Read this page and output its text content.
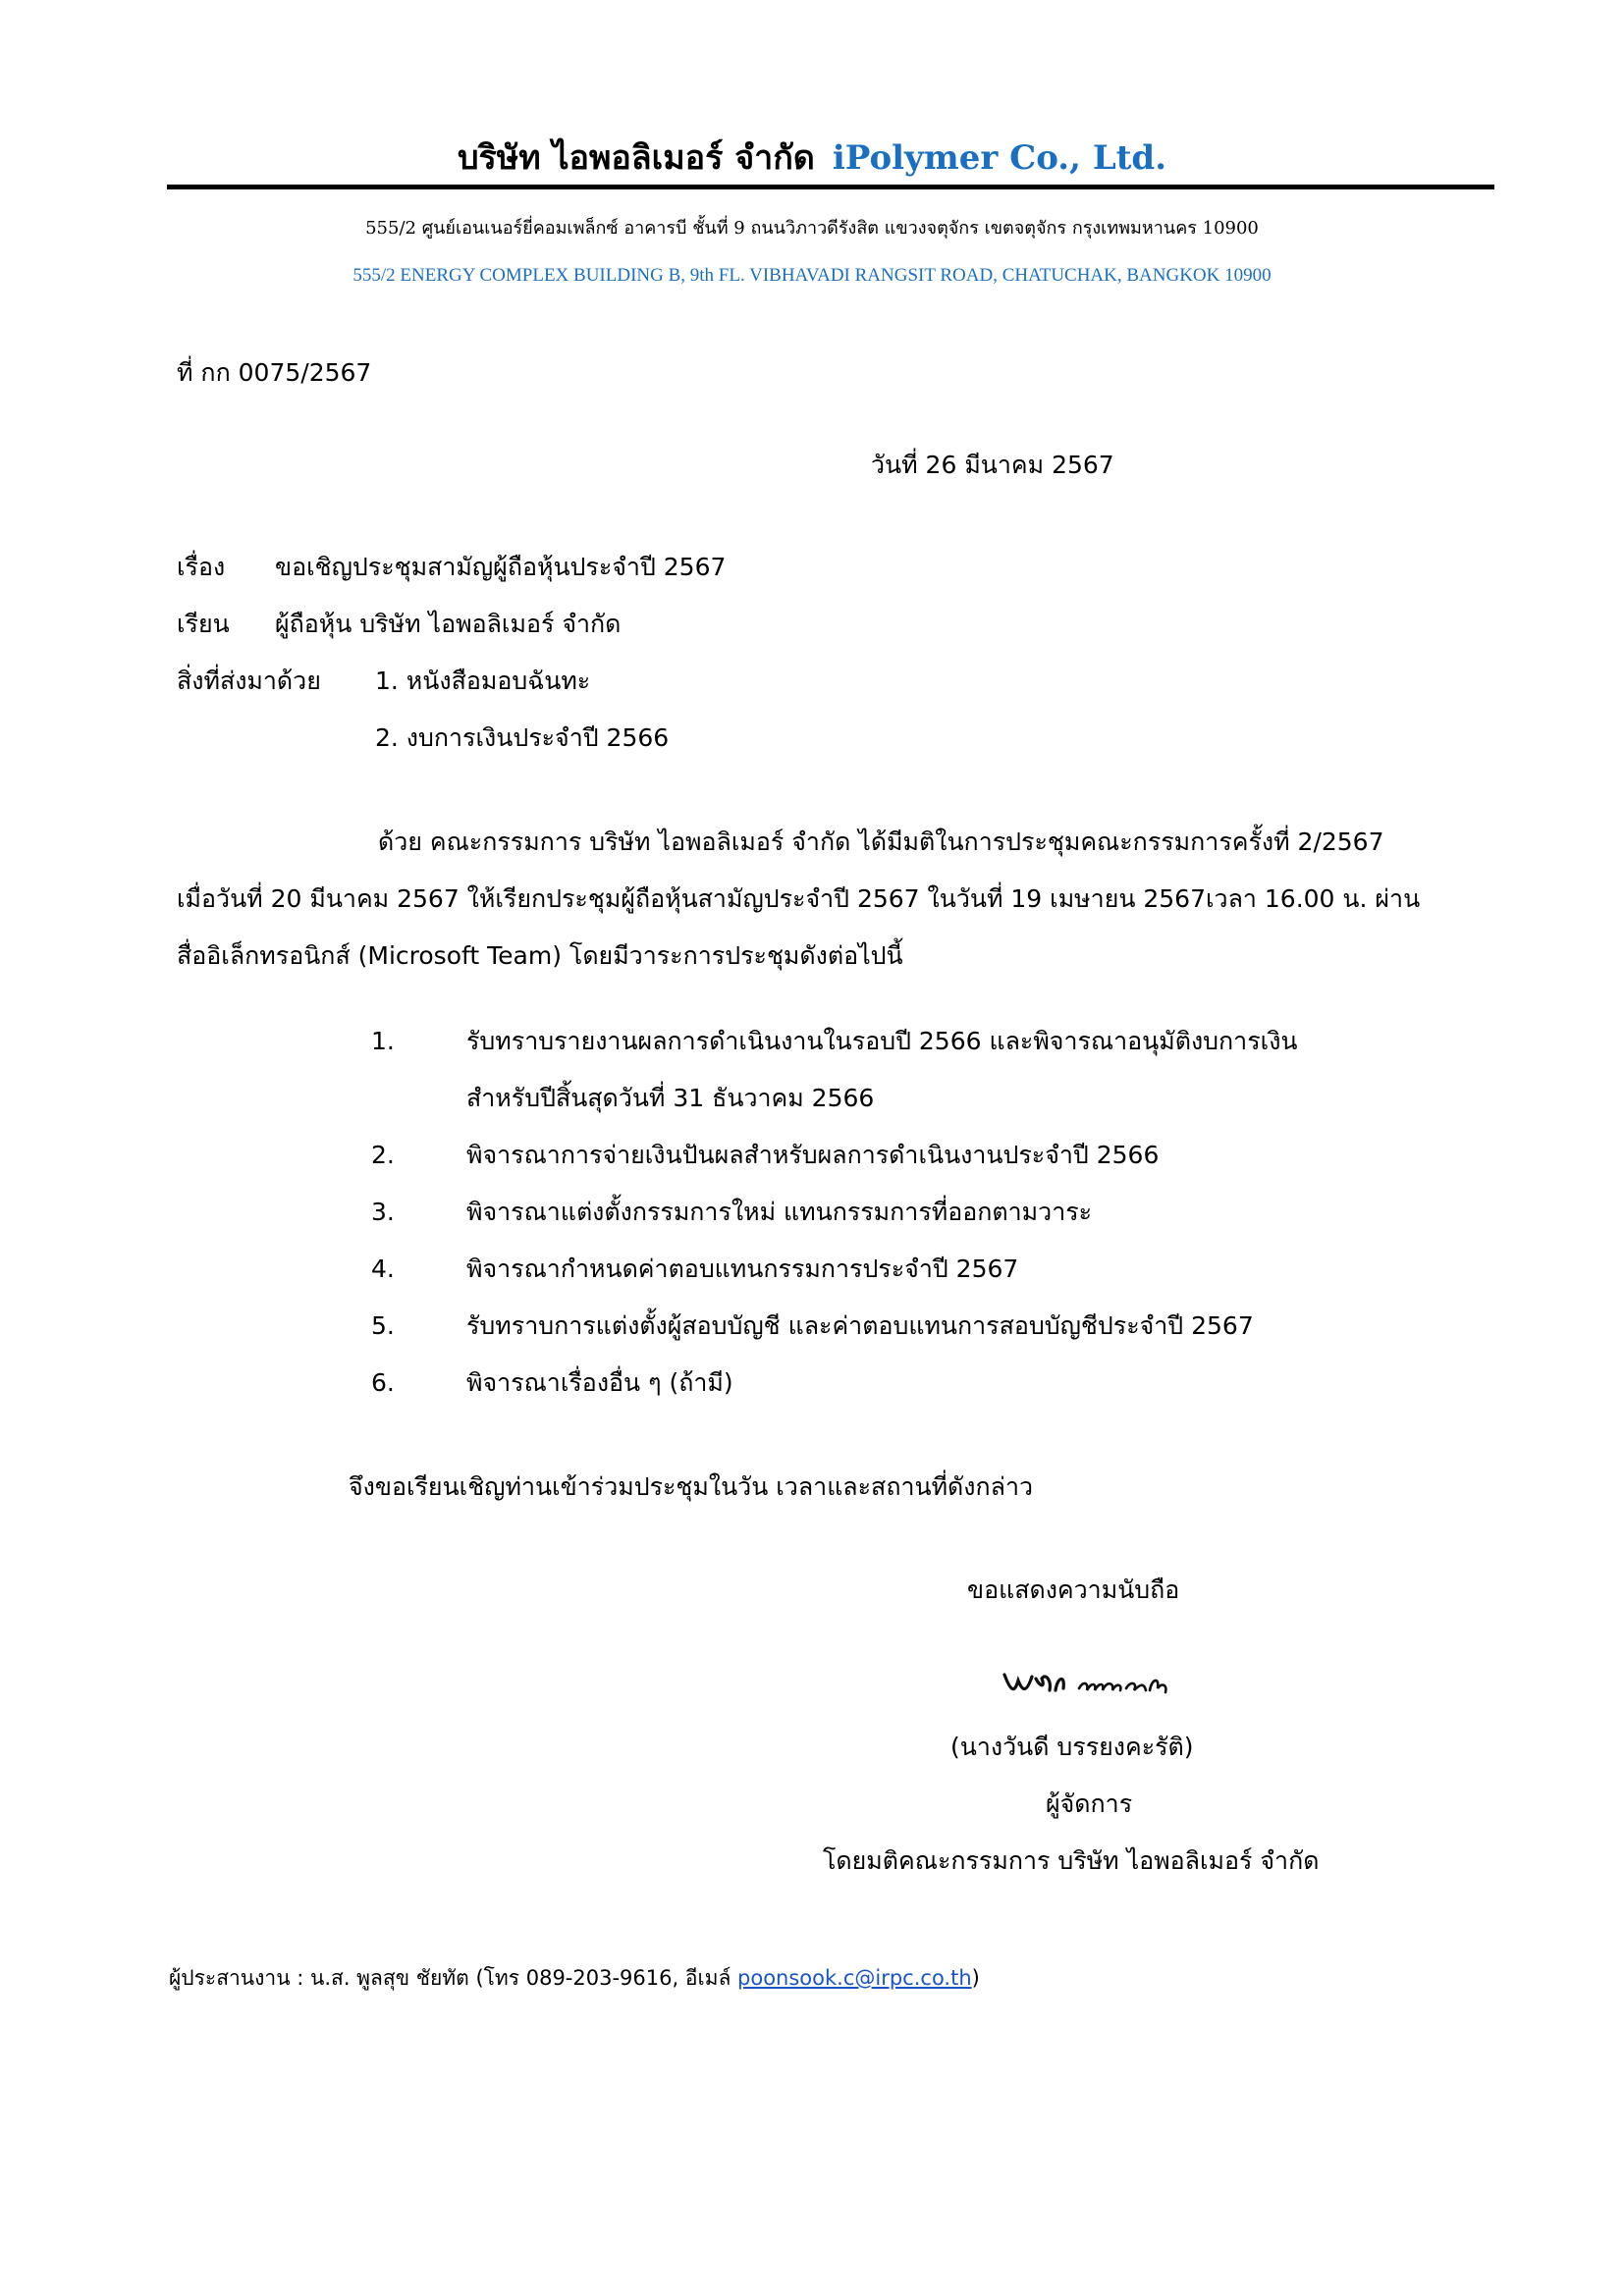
บริษัท ไอพอลิเมอร์ จำกัด iPolymer Co., Ltd.
555/2 ศูนย์เอนเนอร์ยี่คอมเพล็กซ์ อาคารบี ชั้นที่ 9 ถนนวิภาวดีรังสิต แขวงจตุจักร เขตจตุจักร กรุงเทพมหานคร 10900
555/2 ENERGY COMPLEX BUILDING B, 9th FL. VIBHAVADI RANGSIT ROAD, CHATUCHAK, BANGKOK 10900
ที่ กก 0075/2567
วันที่ 26 มีนาคม 2567
เรื่อง ขอเชิญประชุมสามัญผู้ถือหุ้นประจำปี 2567
เรียน ผู้ถือหุ้น บริษัท ไอพอลิเมอร์ จำกัด
สิ่งที่ส่งมาด้วย 1. หนังสือมอบฉันทะ
2. งบการเงินประจำปี 2566
ด้วย คณะกรรมการ บริษัท ไอพอลิเมอร์ จำกัด ได้มีมติในการประชุมคณะกรรมการครั้งที่ 2/2567
เมื่อวันที่ 20 มีนาคม 2567 ให้เรียกประชุมผู้ถือหุ้นสามัญประจำปี 2567 ในวันที่ 19 เมษายน 2567เวลา 16.00 น. ผ่าน
สื่ออิเล็กทรอนิกส์ (Microsoft Team) โดยมีวาระการประชุมดังต่อไปนี้
1.	รับทราบรายงานผลการดำเนินงานในรอบปี 2566 และพิจารณาอนุมัติงบการเงิน
สำหรับปีสิ้นสุดวันที่ 31 ธันวาคม 2566
2.	พิจารณาการจ่ายเงินปันผลสำหรับผลการดำเนินงานประจำปี 2566
3.	พิจารณาแต่งตั้งกรรมการใหม่ แทนกรรมการที่ออกตามวาระ
4.	พิจารณากำหนดค่าตอบแทนกรรมการประจำปี 2567
5.	รับทราบการแต่งตั้งผู้สอบบัญชี และค่าตอบแทนการสอบบัญชีประจำปี 2567
6.	พิจารณาเรื่องอื่น ๆ (ถ้ามี)
จึงขอเรียนเชิญท่านเข้าร่วมประชุมในวัน เวลาและสถานที่ดังกล่าว
ขอแสดงความนับถือ
(นางวันดี บรรยงคะรัติ)
ผู้จัดการ
โดยมติคณะกรรมการ บริษัท ไอพอลิเมอร์ จำกัด
ผู้ประสานงาน : น.ส. พูลสุข ชัยทัต (โทร 089-203-9616, อีเมล์ poonsook.c@irpc.co.th)
